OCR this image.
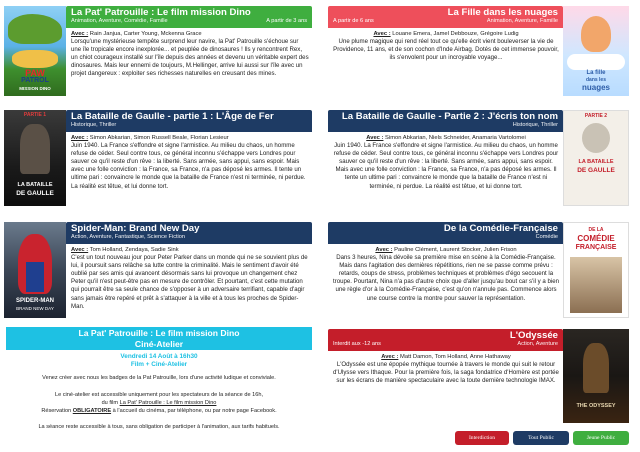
PAW
PATROL
MISSION DINO
La Pat' Patrouille : Le film mission Dino
Animation, Aventure, Comédie, Famille	A partir de 3 ans
Avec : Rain Janjua, Carter Young, Mckenna Grace
Lorsqu'une mystérieuse tempête surprend leur navire, la Pat' Patrouille s'échoue sur une île tropicale encore inexplorée... et peuplée de dinosaures ! Ils y rencontrent Rex, un chiot courageux installé sur l'île depuis des années et devenu un véritable expert des dinosaures. Mais leur ennemi de toujours, M.Hellinger, arrive lui aussi sur l'île avec un projet dangereux : exploiter ses richesses naturelles en creusant des mines.
La Fille dans les nuages
A partir de 6 ans	Animation, Aventure, Famille
Avec : Louane Emera, Jamel Debbouze, Grégoire Ludig
Une plume magique qui rend réel tout ce qu'elle écrit vient bouleverser la vie de Providence, 11 ans, et de son cochon d'Inde Airbag. Dotés de cet immense pouvoir, ils s'envolent pour un incroyable voyage...
La fille
dans les
nuages
PARTIE 1
LA BATAILLE
DE GAULLE
La Bataille de Gaulle - partie 1 : L'Âge de Fer
Historique, Thriller
Avec : Simon Abkarian, Simon Russell Beale, Florian Lesieur
Juin 1940. La France s'effondre et signe l'armistice. Au milieu du chaos, un homme refuse de céder. Seul contre tous, ce général inconnu s'échappe vers Londres pour sauver ce qu'il reste d'un rêve : la liberté. Sans armée, sans appui, sans espoir. Mais avec une folle conviction : la France, sa France, n'a pas déposé les armes. Il tente un ultime pari : convaincre le monde que la bataille de France n'est ni terminée, ni perdue. La réalité est têtue, et lui donne tort.
La Bataille de Gaulle - Partie 2 : J'écris ton nom
Historique, Thriller
Avec : Simon Abkarian, Niels Schneider, Anamaria Vartolomei
Juin 1940. La France s'effondre et signe l'armistice. Au milieu du chaos, un homme refuse de céder. Seul contre tous, ce général inconnu s'échappe vers Londres pour sauver ce qu'il reste d'un rêve : la liberté. Sans armée, sans appui, sans espoir. Mais avec une folle conviction : la France, sa France, n'a pas déposé les armes. Il tente un ultime pari : convaincre le monde que la bataille de France n'est ni terminée, ni perdue. La réalité est têtue, et lui donne tort.
PARTIE 2
LA BATAILLE
DE GAULLE
SPIDER-MAN
BRAND NEW DAY
Spider-Man: Brand New Day
Action, Aventure, Fantastique, Science Fiction
Avec : Tom Holland, Zendaya, Sadie Sink
C'est un tout nouveau jour pour Peter Parker dans un monde qui ne se souvient plus de lui, il poursuit sans relâche sa lutte contre la criminalité. Mais le sentiment d'avoir été oublié par ses amis qui avancent désormais sans lui provoque un changement chez Peter qu'il n'est peut-être pas en mesure de contrôler. Et pourtant, c'est cette mutation qui pourrait être sa seule chance de s'opposer à un adversaire terrifiant, capable d'agir sans jamais être repéré et prêt à s'attaquer à la ville et à tous les proches de Spider-Man.
De la Comédie-Française
Comédie
Avec : Pauline Clément, Laurent Stocker, Julien Frison
Dans 3 heures, Nina dévoile sa première mise en scène à la Comédie-Française. Mais dans l'agitation des dernières répétitions, rien ne se passe comme prévu : retards, coups de stress, problèmes techniques et problèmes d'égo secouent la troupe. Pourtant, Nina n'a pas d'autre choix que d'aller jusqu'au bout car s'il y a bien une règle d'or à la Comédie-Française, c'est qu'on n'annule pas. Commence alors une course contre la montre pour sauver la représentation.
DE LA
COMÉDIE
FRANÇAISE
La Pat' Patrouille : Le film mission Dino
Ciné-Atelier
Vendredi 14 Août à 16h30
Film + Ciné-Atelier
Venez créer avec nous les badges de la Pat Patrouille, lors d'une activité ludique et conviviale.
Le ciné-atelier est accessible uniquement pour les spectateurs de la séance de 16h,
du film La Pat' Patrouille : Le film mission Dino
Réservation OBLIGATOIRE à l'accueil du cinéma, par téléphone, ou par notre page Facebook.
La séance reste accessible à tous, sans obligation de participer à l'animation, aux tarifs habituels.
L'Odyssée
Interdit aux -12 ans	Action, Aventure
Avec : Matt Damon, Tom Holland, Anne Hathaway
L'Odyssée est une épopée mythique tournée à travers le monde qui suit le retour d'Ulysse vers Ithaque. Pour la première fois, la saga fondatrice d'Homère est portée sur les écrans de manière spectaculaire avec la toute dernière technologie IMAX.
THE ODYSSEY
Interdiction	Tout Public	Jeune Public
